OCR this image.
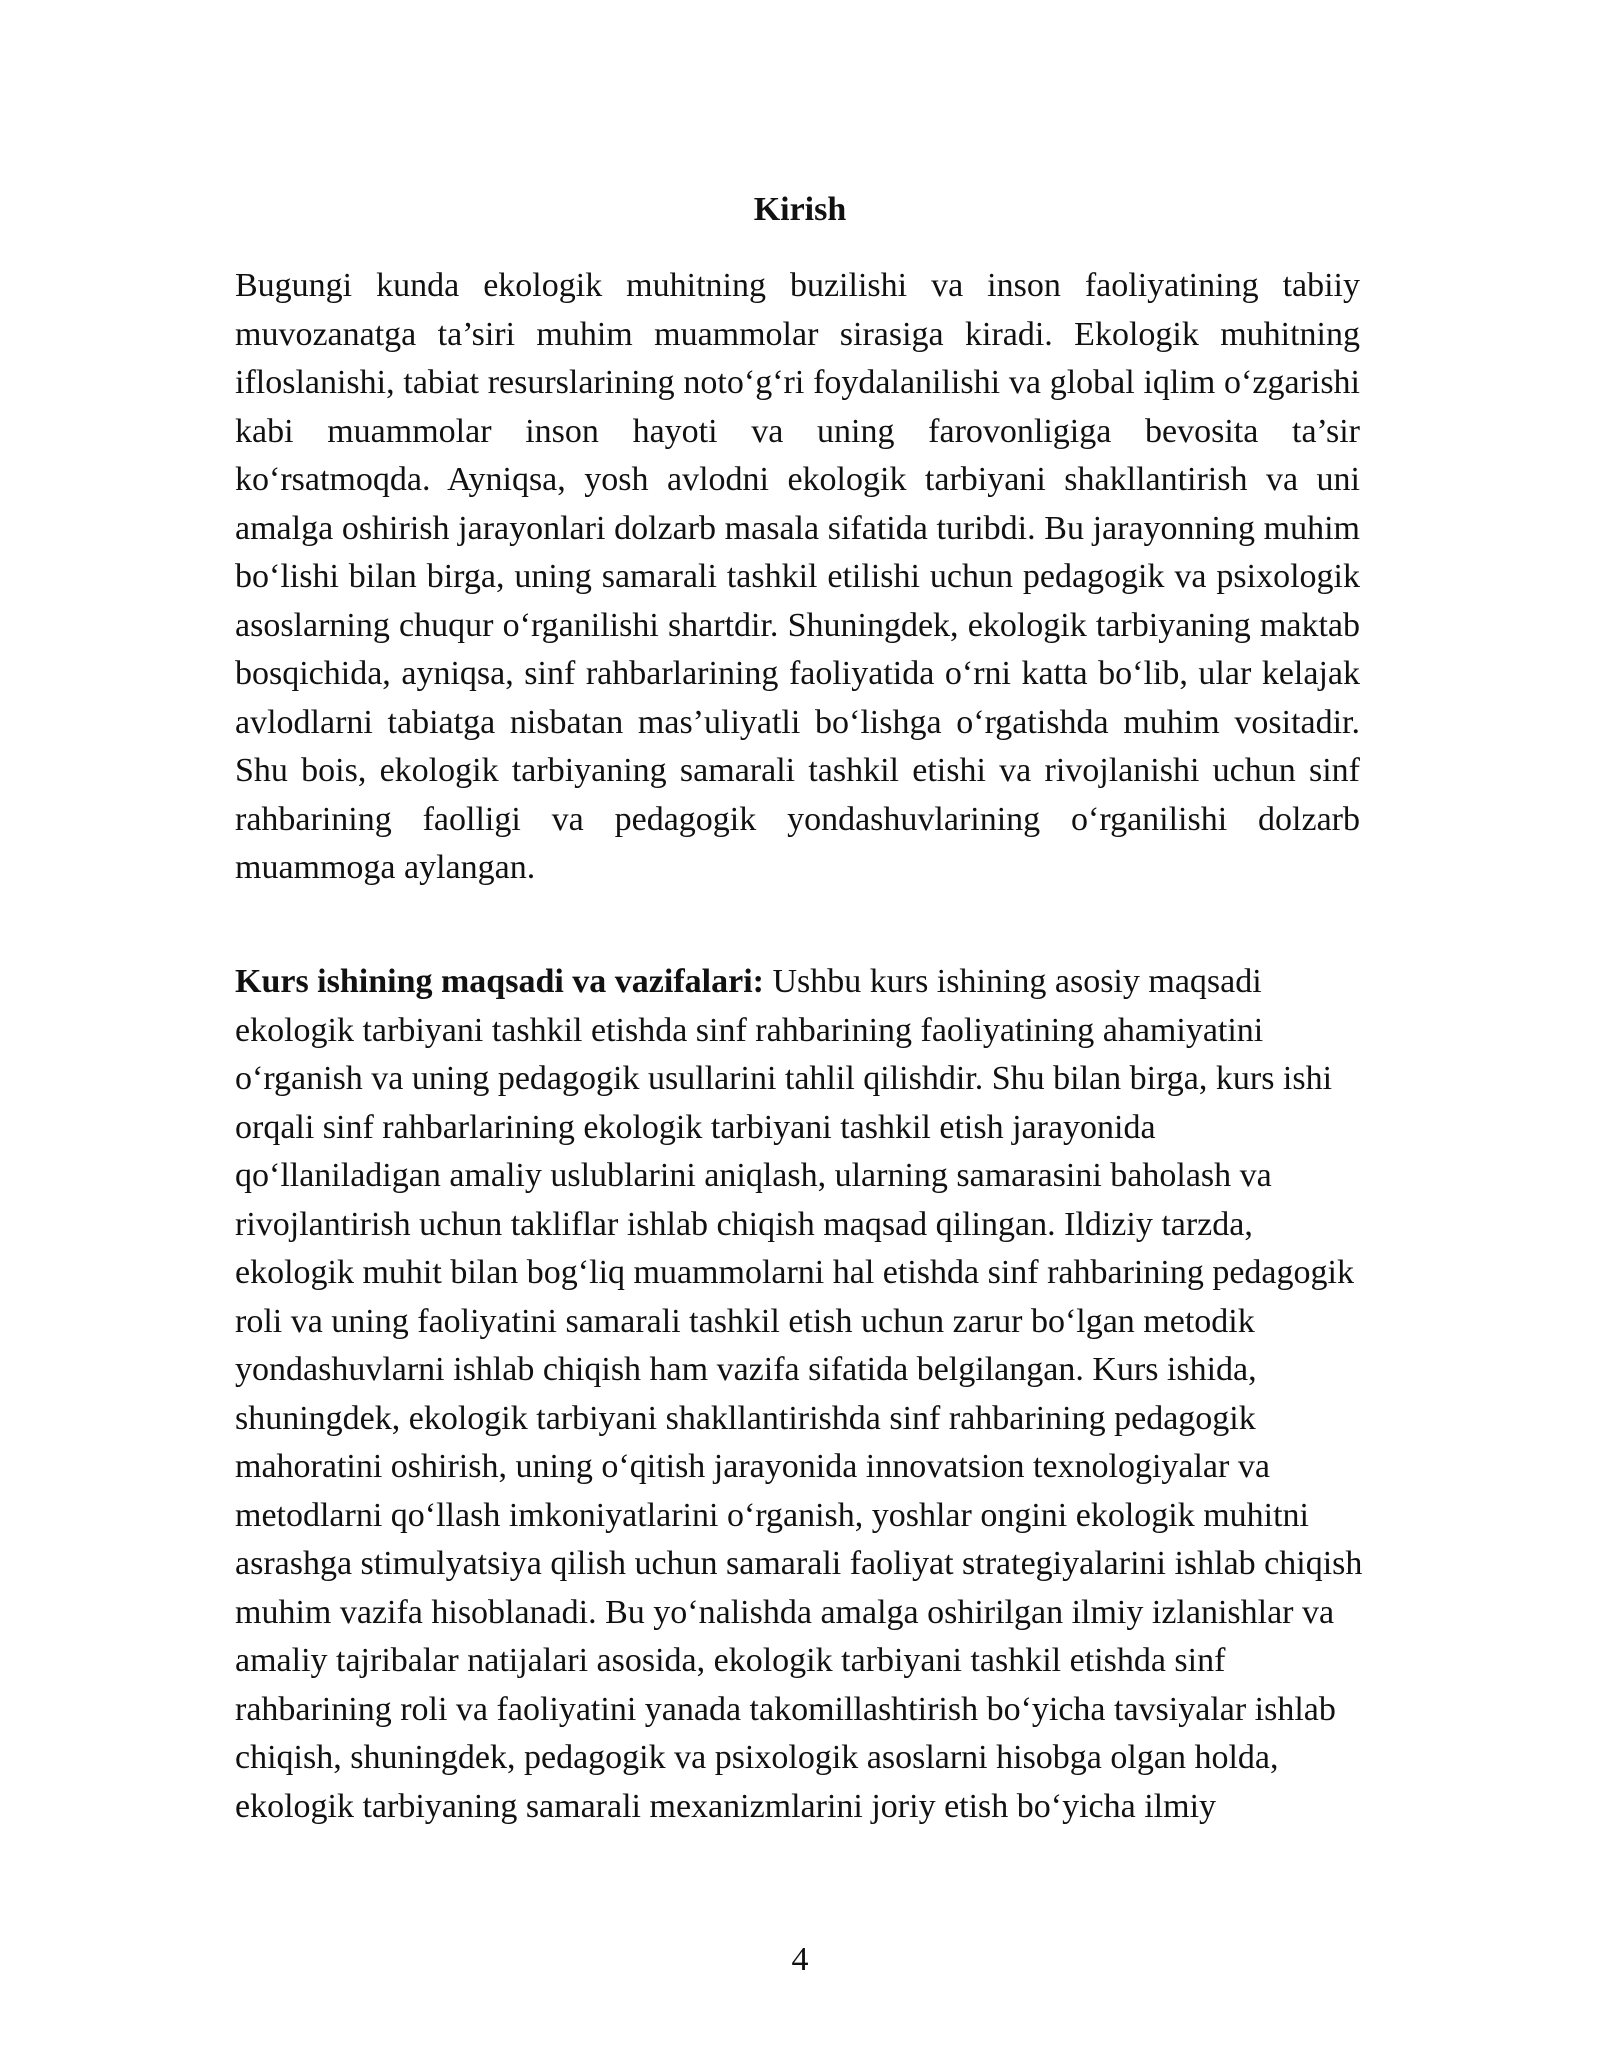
Kirish

Bugungi kunda ekologik muhitning buzilishi va inson faoliyatining tabiiy muvozanatga ta’siri muhim muammolar sirasiga kiradi. Ekologik muhitning ifloslanishi, tabiat resurslarining noto‘g‘ri foydalanilishi va global iqlim o‘zgarishi kabi muammolar inson hayoti va uning farovonligiga bevosita ta’sir ko‘rsatmoqda. Ayniqsa, yosh avlodni ekologik tarbiyani shakllantirish va uni amalga oshirish jarayonlari dolzarb masala sifatida turibdi. Bu jarayonning muhim bo‘lishi bilan birga, uning samarali tashkil etilishi uchun pedagogik va psixologik asoslarning chuqur o‘rganilishi shartdir. Shuningdek, ekologik tarbiyaning maktab bosqichida, ayniqsa, sinf rahbarlarining faoliyatida o‘rni katta bo‘lib, ular kelajak avlodlarni tabiatga nisbatan mas’uliyatli bo‘lishga o‘rgatishda muhim vositadir. Shu bois, ekologik tarbiyaning samarali tashkil etishi va rivojlanishi uchun sinf rahbarining faolligi va pedagogik yondashuvlarining o‘rganilishi dolzarb muammoga aylangan.

Kurs ishining maqsadi va vazifalari: Ushbu kurs ishining asosiy maqsadi ekologik tarbiyani tashkil etishda sinf rahbarining faoliyatining ahamiyatini o‘rganish va uning pedagogik usullarini tahlil qilishdir. Shu bilan birga, kurs ishi orqali sinf rahbarlarining ekologik tarbiyani tashkil etish jarayonida qo‘llaniladigan amaliy uslublarini aniqlash, ularning samarasini baholash va rivojlantirish uchun takliflar ishlab chiqish maqsad qilingan. Ildiziy tarzda, ekologik muhit bilan bog‘liq muammolarni hal etishda sinf rahbarining pedagogik roli va uning faoliyatini samarali tashkil etish uchun zarur bo‘lgan metodik yondashuvlarni ishlab chiqish ham vazifa sifatida belgilangan. Kurs ishida, shuningdek, ekologik tarbiyani shakllantirishda sinf rahbarining pedagogik mahoratini oshirish, uning o‘qitish jarayonida innovatsion texnologiyalar va metodlarni qo‘llash imkoniyatlarini o‘rganish, yoshlar ongini ekologik muhitni asrashga stimulyatsiya qilish uchun samarali faoliyat strategiyalarini ishlab chiqish muhim vazifa hisoblanadi. Bu yo‘nalishda amalga oshirilgan ilmiy izlanishlar va amaliy tajribalar natijalari asosida, ekologik tarbiyani tashkil etishda sinf rahbarining roli va faoliyatini yanada takomillashtirish bo‘yicha tavsiyalar ishlab chiqish, shuningdek, pedagogik va psixologik asoslarni hisobga olgan holda, ekologik tarbiyaning samarali mexanizmlarini joriy etish bo‘yicha ilmiy

4
